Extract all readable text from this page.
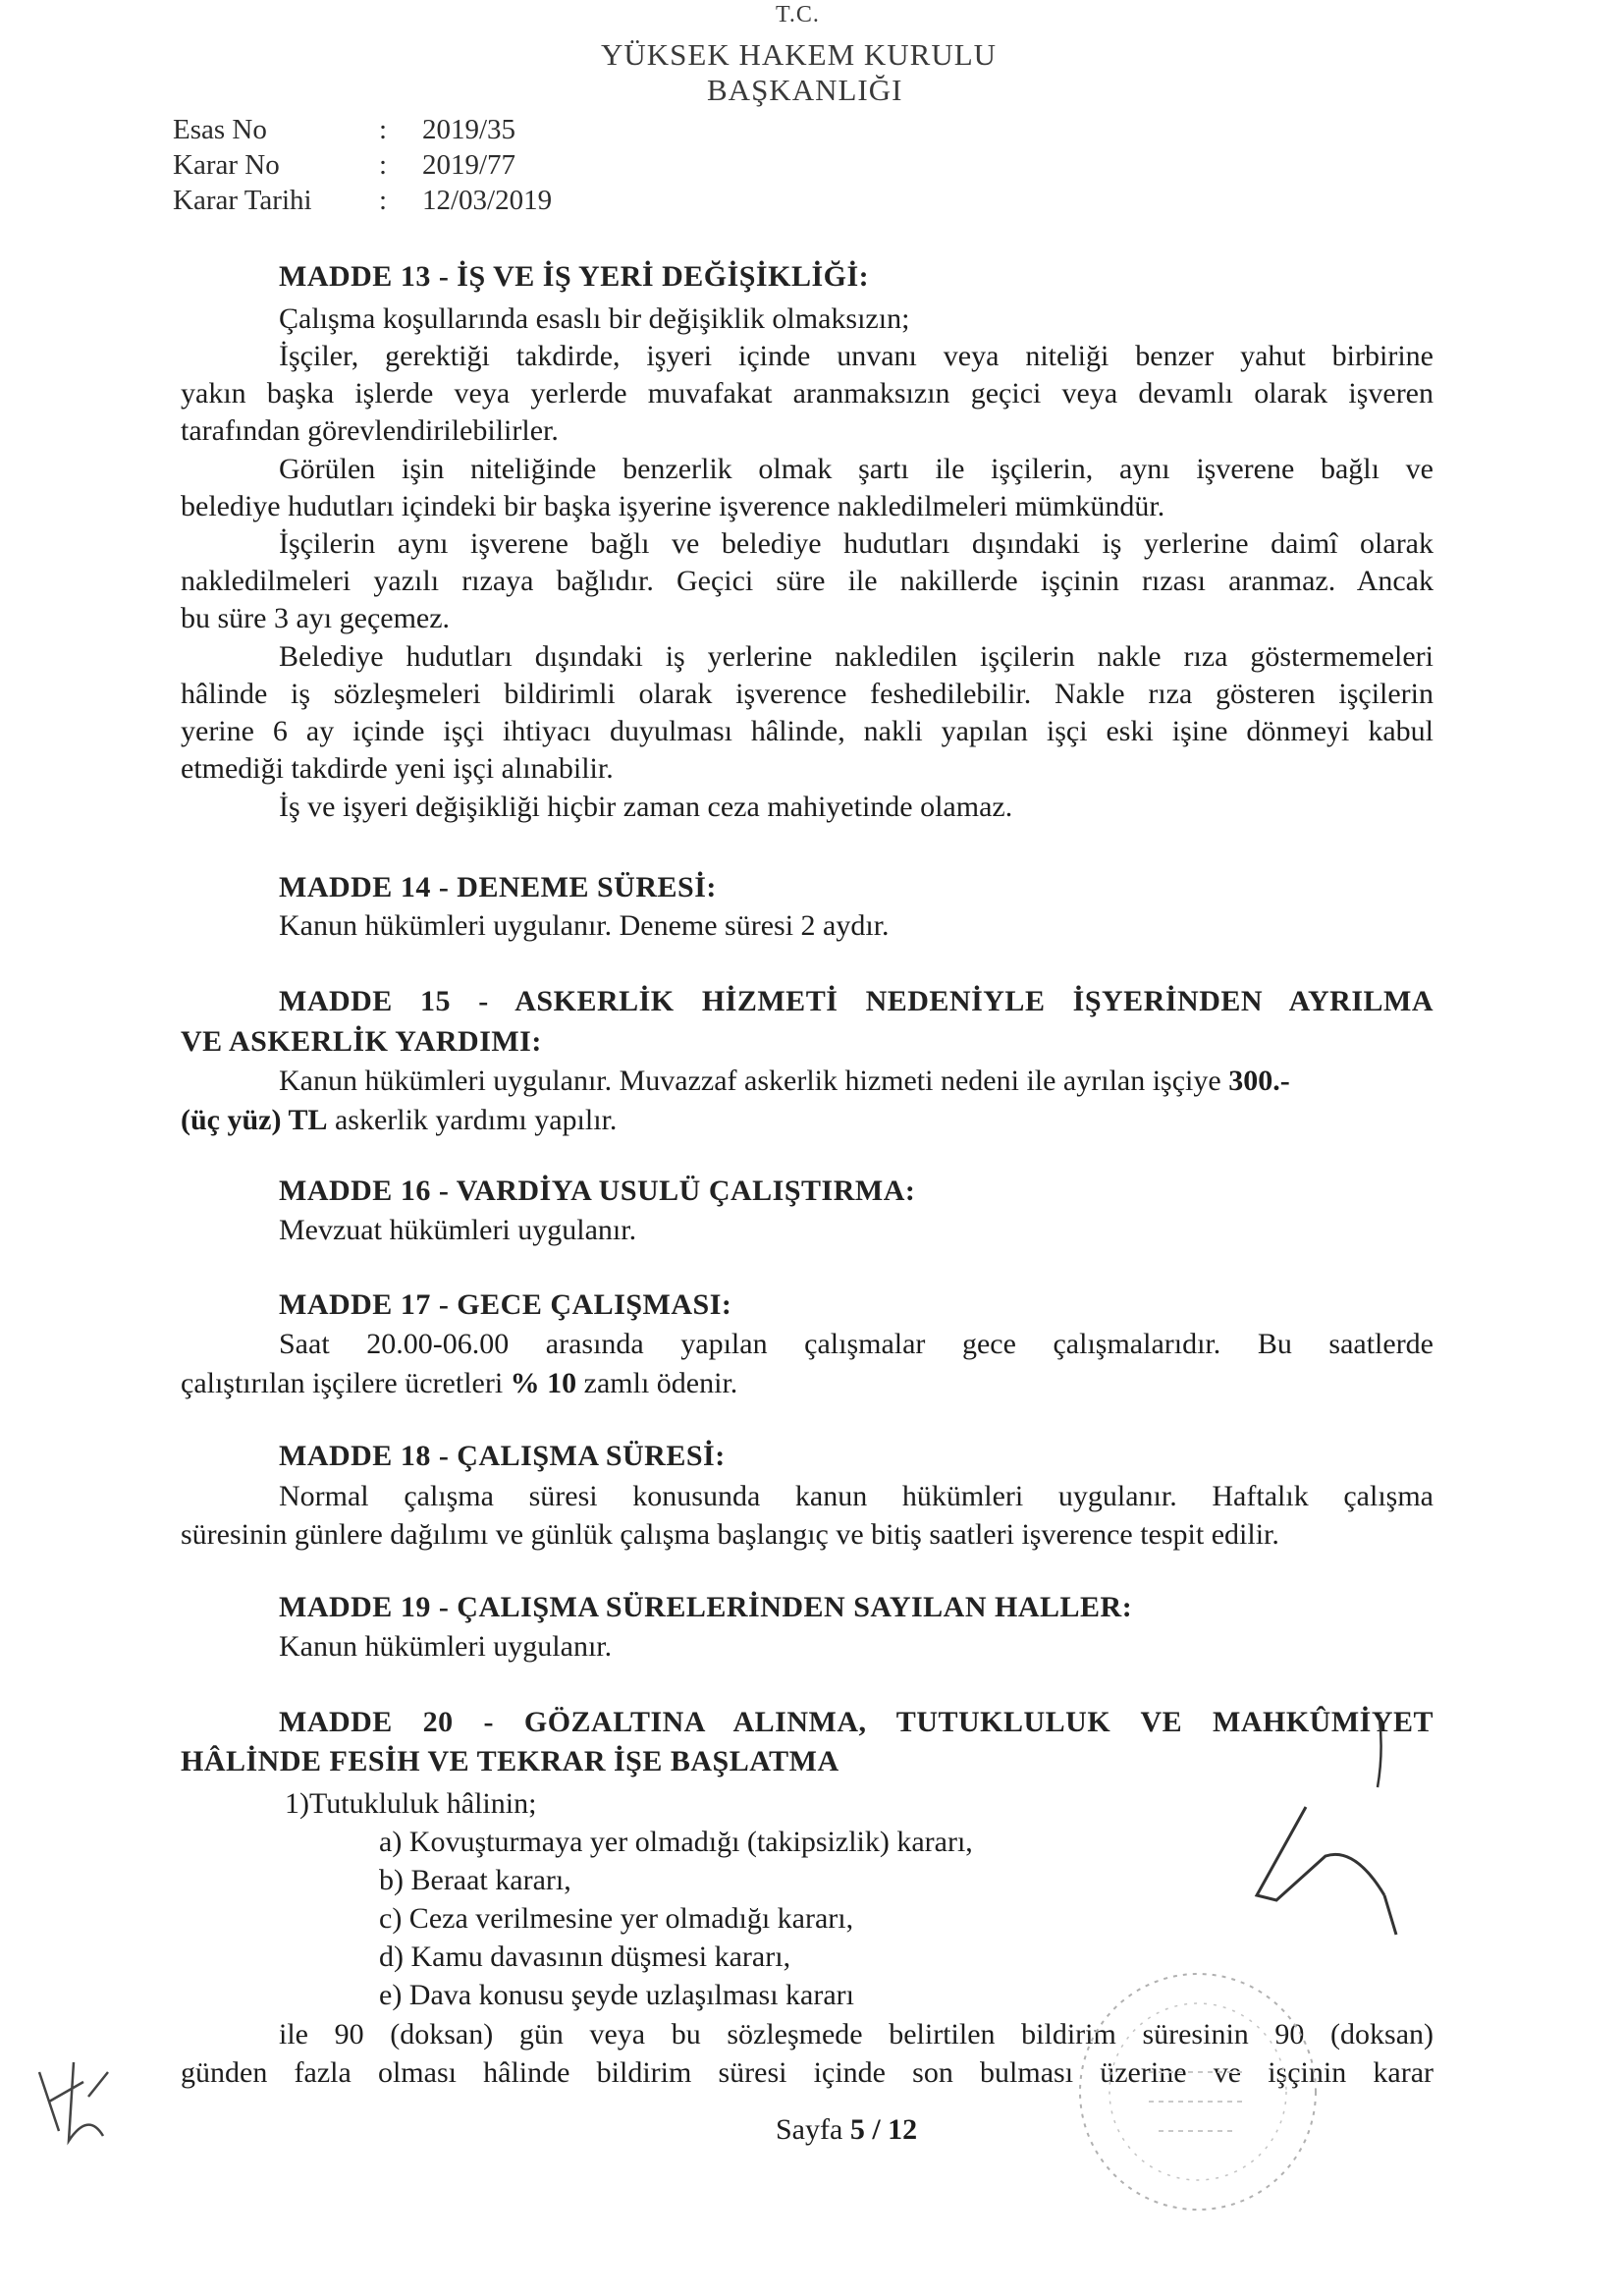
T.C.
YÜKSEK HAKEM KURULU
BAŞKANLIĞI
Esas No	: 2019/35
Karar No	: 2019/77
Karar Tarihi : 12/03/2019
MADDE 13 - İŞ VE İŞ YERİ DEĞİŞİKLİĞİ:
Çalışma koşullarında esaslı bir değişiklik olmaksızın;
İşçiler, gerektiği takdirde, işyeri içinde unvanı veya niteliği benzer yahut birbirine
yakın başka işlerde veya yerlerde muvafakat aranmaksızın geçici veya devamlı olarak işveren
tarafından görevlendirilebilirler.
Görülen işin niteliğinde benzerlik olmak şartı ile işçilerin, aynı işverene bağlı ve
belediye hudutları içindeki bir başka işyerine işverence nakledilmeleri mümkündür.
İşçilerin aynı işverene bağlı ve belediye hudutları dışındaki iş yerlerine daimî olarak
nakledilmeleri yazılı rızaya bağlıdır. Geçici süre ile nakillerde işçinin rızası aranmaz. Ancak
bu süre 3 ayı geçemez.
Belediye hudutları dışındaki iş yerlerine nakledilen işçilerin nakle rıza göstermemeleri
hâlinde iş sözleşmeleri bildirimli olarak işverence feshedilebilir. Nakle rıza gösteren işçilerin
yerine 6 ay içinde işçi ihtiyacı duyulması hâlinde, nakli yapılan işçi eski işine dönmeyi kabul
etmediği takdirde yeni işçi alınabilir.
İş ve işyeri değişikliği hiçbir zaman ceza mahiyetinde olamaz.
MADDE 14 - DENEME SÜRESİ:
Kanun hükümleri uygulanır. Deneme süresi 2 aydır.
MADDE 15 - ASKERLİK HİZMETİ NEDENİYLE İŞYERİNDEN AYRILMA
VE ASKERLİK YARDIMI:
Kanun hükümleri uygulanır. Muvazzaf askerlik hizmeti nedeni ile ayrılan işçiye 300.-
(üç yüz) TL askerlik yardımı yapılır.
MADDE 16 - VARDİYA USULÜ ÇALIŞTIRMA:
Mevzuat hükümleri uygulanır.
MADDE 17 - GECE ÇALIŞMASI:
Saat 20.00-06.00 arasında yapılan çalışmalar gece çalışmalarıdır. Bu saatlerde
çalıştırılan işçilere ücretleri % 10 zamlı ödenir.
MADDE 18 - ÇALIŞMA SÜRESİ:
Normal çalışma süresi konusunda kanun hükümleri uygulanır. Haftalık çalışma
süresinin günlere dağılımı ve günlük çalışma başlangıç ve bitiş saatleri işverence tespit edilir.
MADDE 19 - ÇALIŞMA SÜRELERİNDEN SAYILAN HALLER:
Kanun hükümleri uygulanır.
MADDE 20 - GÖZALTINA ALINMA, TUTUKLULUK VE MAHKÛMİYET
HÂLİNDE FESİH VE TEKRAR İŞE BAŞLATMA
1)Tutukluluk hâlinin;
a) Kovuşturmaya yer olmadığı (takipsizlik) kararı,
b) Beraat kararı,
c) Ceza verilmesine yer olmadığı kararı,
d) Kamu davasının düşmesi kararı,
e) Dava konusu şeyde uzlaşılması kararı
ile 90 (doksan) gün veya bu sözleşmede belirtilen bildirim süresinin 90 (doksan)
günden fazla olması hâlinde bildirim süresi içinde son bulması üzerine ve işçinin karar
Sayfa 5 / 12
